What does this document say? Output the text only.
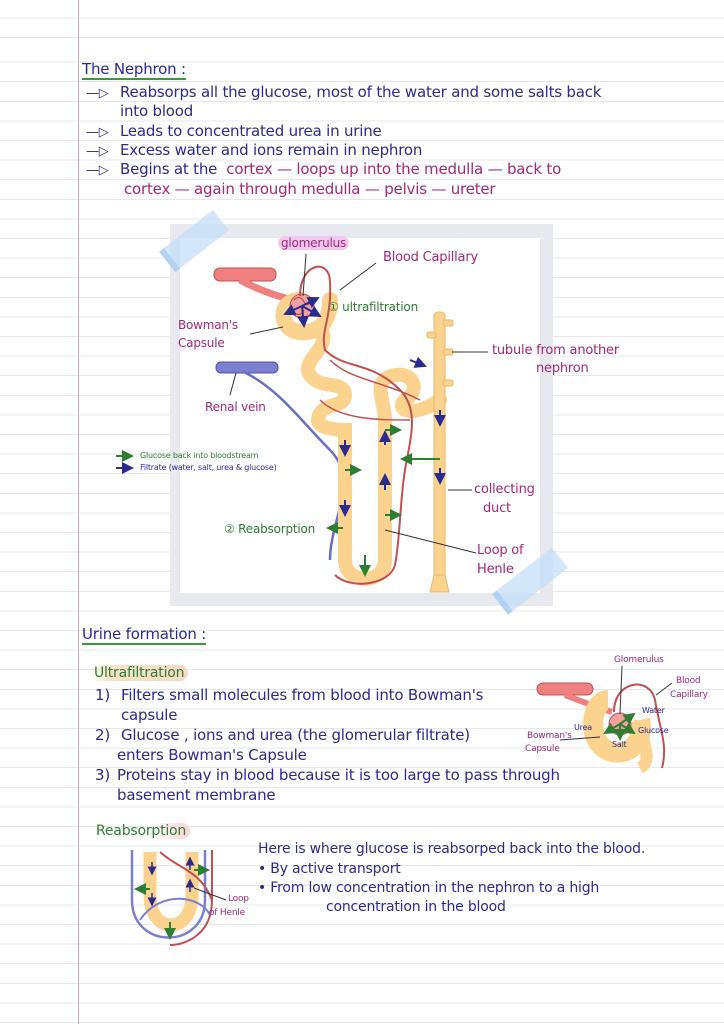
The Nephron :
—▷ Reabsorps all the glucose, most of the water and some salts back
into blood
—▷ Leads to concentrated urea in urine
—▷ Excess water and ions remain in nephron
—▷ Begins at the cortex — loops up into the medulla — back to
cortex — again through medulla — pelvis — ureter
glomerulus
Blood Capillary
① ultrafiltration
Bowman's
Capsule
Renal vein
tubule from another
nephron
collecting
duct
② Reabsorption
Loop of
Henle
Glucose back into bloodstream
Filtrate (water, salt, urea & glucose)
Urine formation :
Ultrafiltration
1) Filters small molecules from blood into Bowman's
capsule
2) Glucose , ions and urea (the glomerular filtrate)
enters Bowman's Capsule
3) Proteins stay in blood because it is too large to pass through
basement membrane
Glomerulus
Blood
Capillary
Water
Glucose
Urea
Salt
Bowman's
Capsule
Reabsorption
Here is where glucose is reabsorped back into the blood.
• By active transport
• From low concentration in the nephron to a high
concentration in the blood
Loop
of Henle
